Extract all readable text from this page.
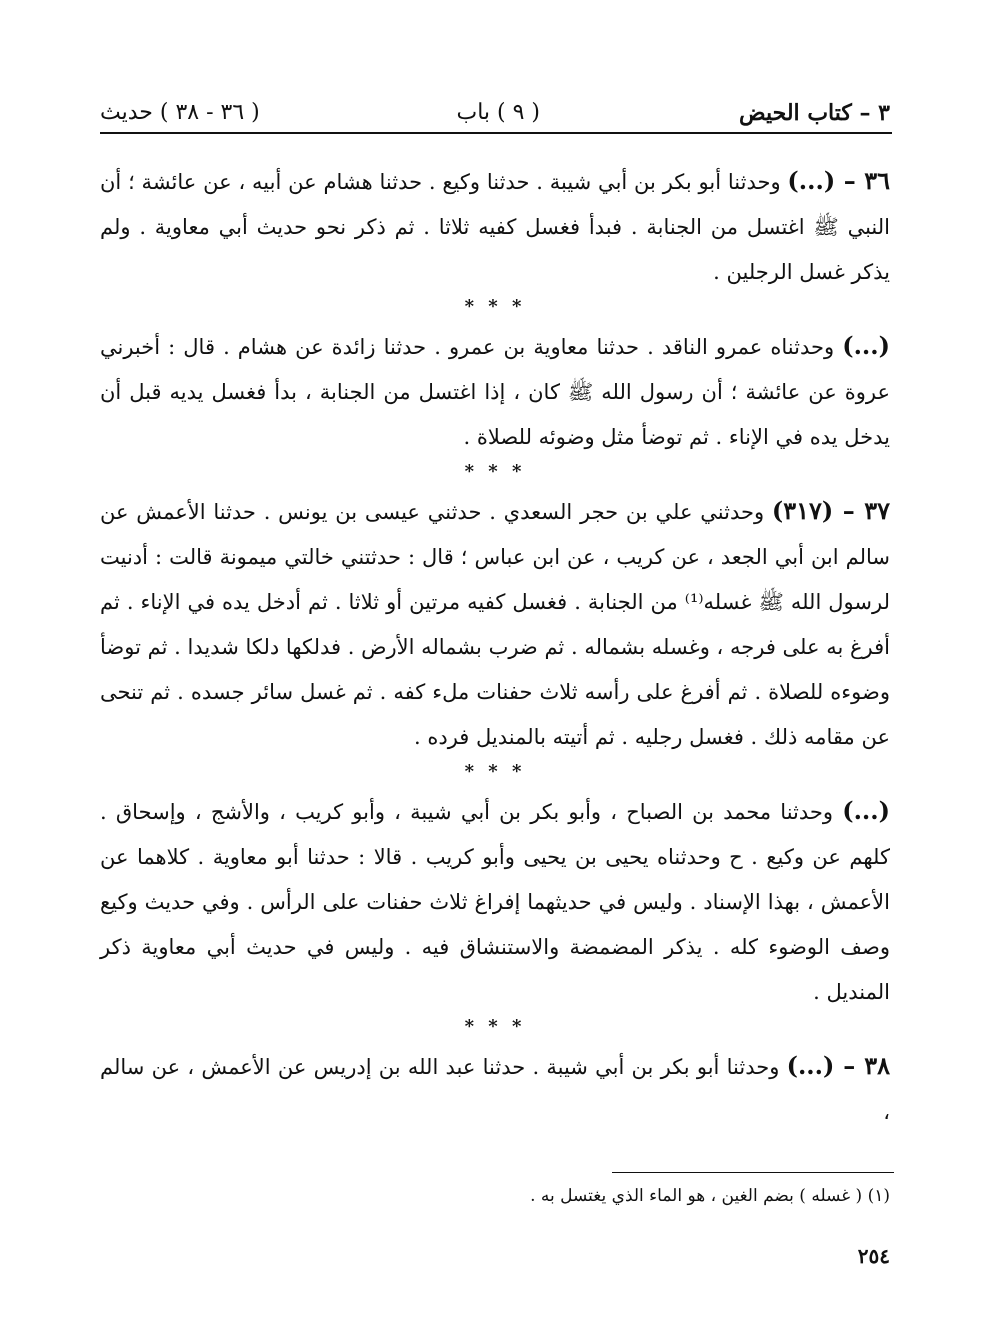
٣ – كتاب الحيض
( ٩ ) باب
( ٣٦ - ٣٨ ) حديث

٣٦ – (...) وحدثنا أبو بكر بن أبي شيبة . حدثنا وكيع . حدثنا هشام عن أبيه ، عن عائشة ؛ أن النبي ﷺ اغتسل من الجنابة . فبدأ فغسل كفيه ثلاثا . ثم ذكر نحو حديث أبي معاوية . ولم يذكر غسل الرجلين .

* * *

(...) وحدثناه عمرو الناقد . حدثنا معاوية بن عمرو . حدثنا زائدة عن هشام . قال : أخبرني عروة عن عائشة ؛ أن رسول الله ﷺ كان ، إذا اغتسل من الجنابة ، بدأ فغسل يديه قبل أن يدخل يده في الإناء . ثم توضأ مثل وضوئه للصلاة .

* * *

٣٧ – (٣١٧) وحدثني علي بن حجر السعدي . حدثني عيسى بن يونس . حدثنا الأعمش عن سالم ابن أبي الجعد ، عن كريب ، عن ابن عباس ؛ قال : حدثتني خالتي ميمونة قالت : أدنيت لرسول الله ﷺ غسله⁽¹⁾ من الجنابة . فغسل كفيه مرتين أو ثلاثا . ثم أدخل يده في الإناء . ثم أفرغ به على فرجه ، وغسله بشماله . ثم ضرب بشماله الأرض . فدلكها دلكا شديدا . ثم توضأ وضوءه للصلاة . ثم أفرغ على رأسه ثلاث حفنات ملء كفه . ثم غسل سائر جسده . ثم تنحى عن مقامه ذلك . فغسل رجليه . ثم أتيته بالمنديل فرده .

* * *

(...) وحدثنا محمد بن الصباح ، وأبو بكر بن أبي شيبة ، وأبو كريب ، والأشج ، وإسحاق . كلهم عن وكيع . ح وحدثناه يحيى بن يحيى وأبو كريب . قالا : حدثنا أبو معاوية . كلاهما عن الأعمش ، بهذا الإسناد . وليس في حديثهما إفراغ ثلاث حفنات على الرأس . وفي حديث وكيع وصف الوضوء كله . يذكر المضمضة والاستنشاق فيه . وليس في حديث أبي معاوية ذكر المنديل .

* * *

٣٨ – (...) وحدثنا أبو بكر بن أبي شيبة . حدثنا عبد الله بن إدريس عن الأعمش ، عن سالم ،

(١) ( غسله ) بضم الغين ، هو الماء الذي يغتسل به .
٢٥٤
